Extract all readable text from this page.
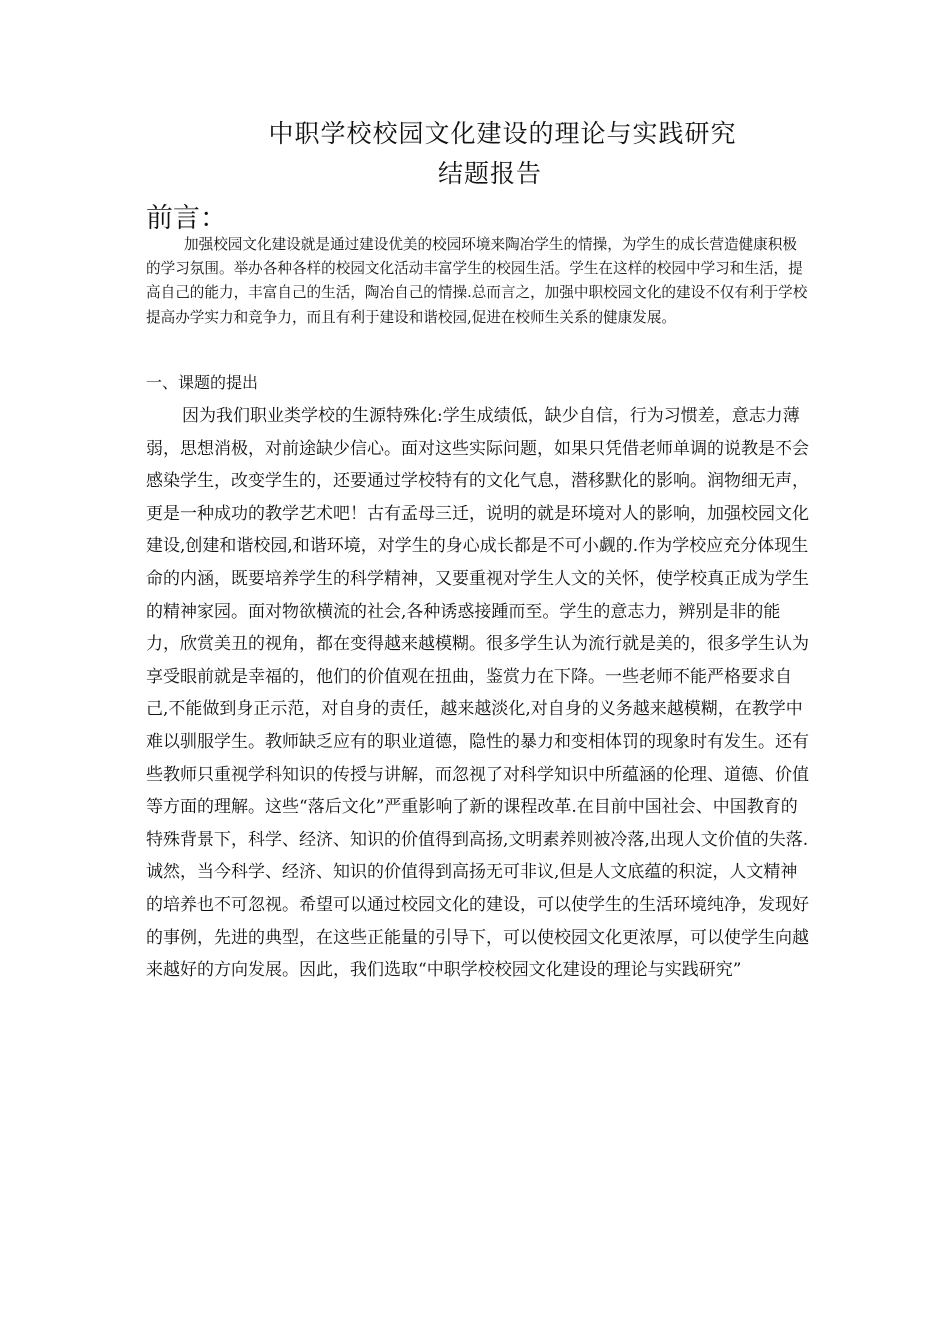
中职学校校园文化建设的理论与实践研究
结题报告
前言：

加强校园文化建设就是通过建设优美的校园环境来陶冶学生的情操，为学生的成长营造健康积极的学习氛围。举办各种各样的校园文化活动丰富学生的校园生活。学生在这样的校园中学习和生活，提高自己的能力，丰富自己的生活，陶冶自己的情操.总而言之，加强中职校园文化的建设不仅有利于学校提高办学实力和竞争力，而且有利于建设和谐校园,促进在校师生关系的健康发展。

一、课题的提出

因为我们职业类学校的生源特殊化:学生成绩低，缺少自信，行为习惯差，意志力薄弱，思想消极，对前途缺少信心。面对这些实际问题，如果只凭借老师单调的说教是不会感染学生，改变学生的，还要通过学校特有的文化气息，潜移默化的影响。润物细无声，更是一种成功的教学艺术吧！古有孟母三迁，说明的就是环境对人的影响，加强校园文化建设,创建和谐校园,和谐环境，对学生的身心成长都是不可小觑的.作为学校应充分体现生命的内涵，既要培养学生的科学精神，又要重视对学生人文的关怀，使学校真正成为学生的精神家园。面对物欲横流的社会,各种诱惑接踵而至。学生的意志力，辨别是非的能力，欣赏美丑的视角，都在变得越来越模糊。很多学生认为流行就是美的，很多学生认为享受眼前就是幸福的，他们的价值观在扭曲，鉴赏力在下降。一些老师不能严格要求自己,不能做到身正示范，对自身的责任，越来越淡化,对自身的义务越来越模糊，在教学中难以驯服学生。教师缺乏应有的职业道德，隐性的暴力和变相体罚的现象时有发生。还有些教师只重视学科知识的传授与讲解，而忽视了对科学知识中所蕴涵的伦理、道德、价值等方面的理解。这些“落后文化”严重影响了新的课程改革.在目前中国社会、中国教育的特殊背景下，科学、经济、知识的价值得到高扬,文明素养则被冷落,出现人文价值的失落.诚然，当今科学、经济、知识的价值得到高扬无可非议,但是人文底蕴的积淀，人文精神的培养也不可忽视。希望可以通过校园文化的建设，可以使学生的生活环境纯净，发现好的事例，先进的典型，在这些正能量的引导下，可以使校园文化更浓厚，可以使学生向越来越好的方向发展。因此，我们选取“中职学校校园文化建设的理论与实践研究”
